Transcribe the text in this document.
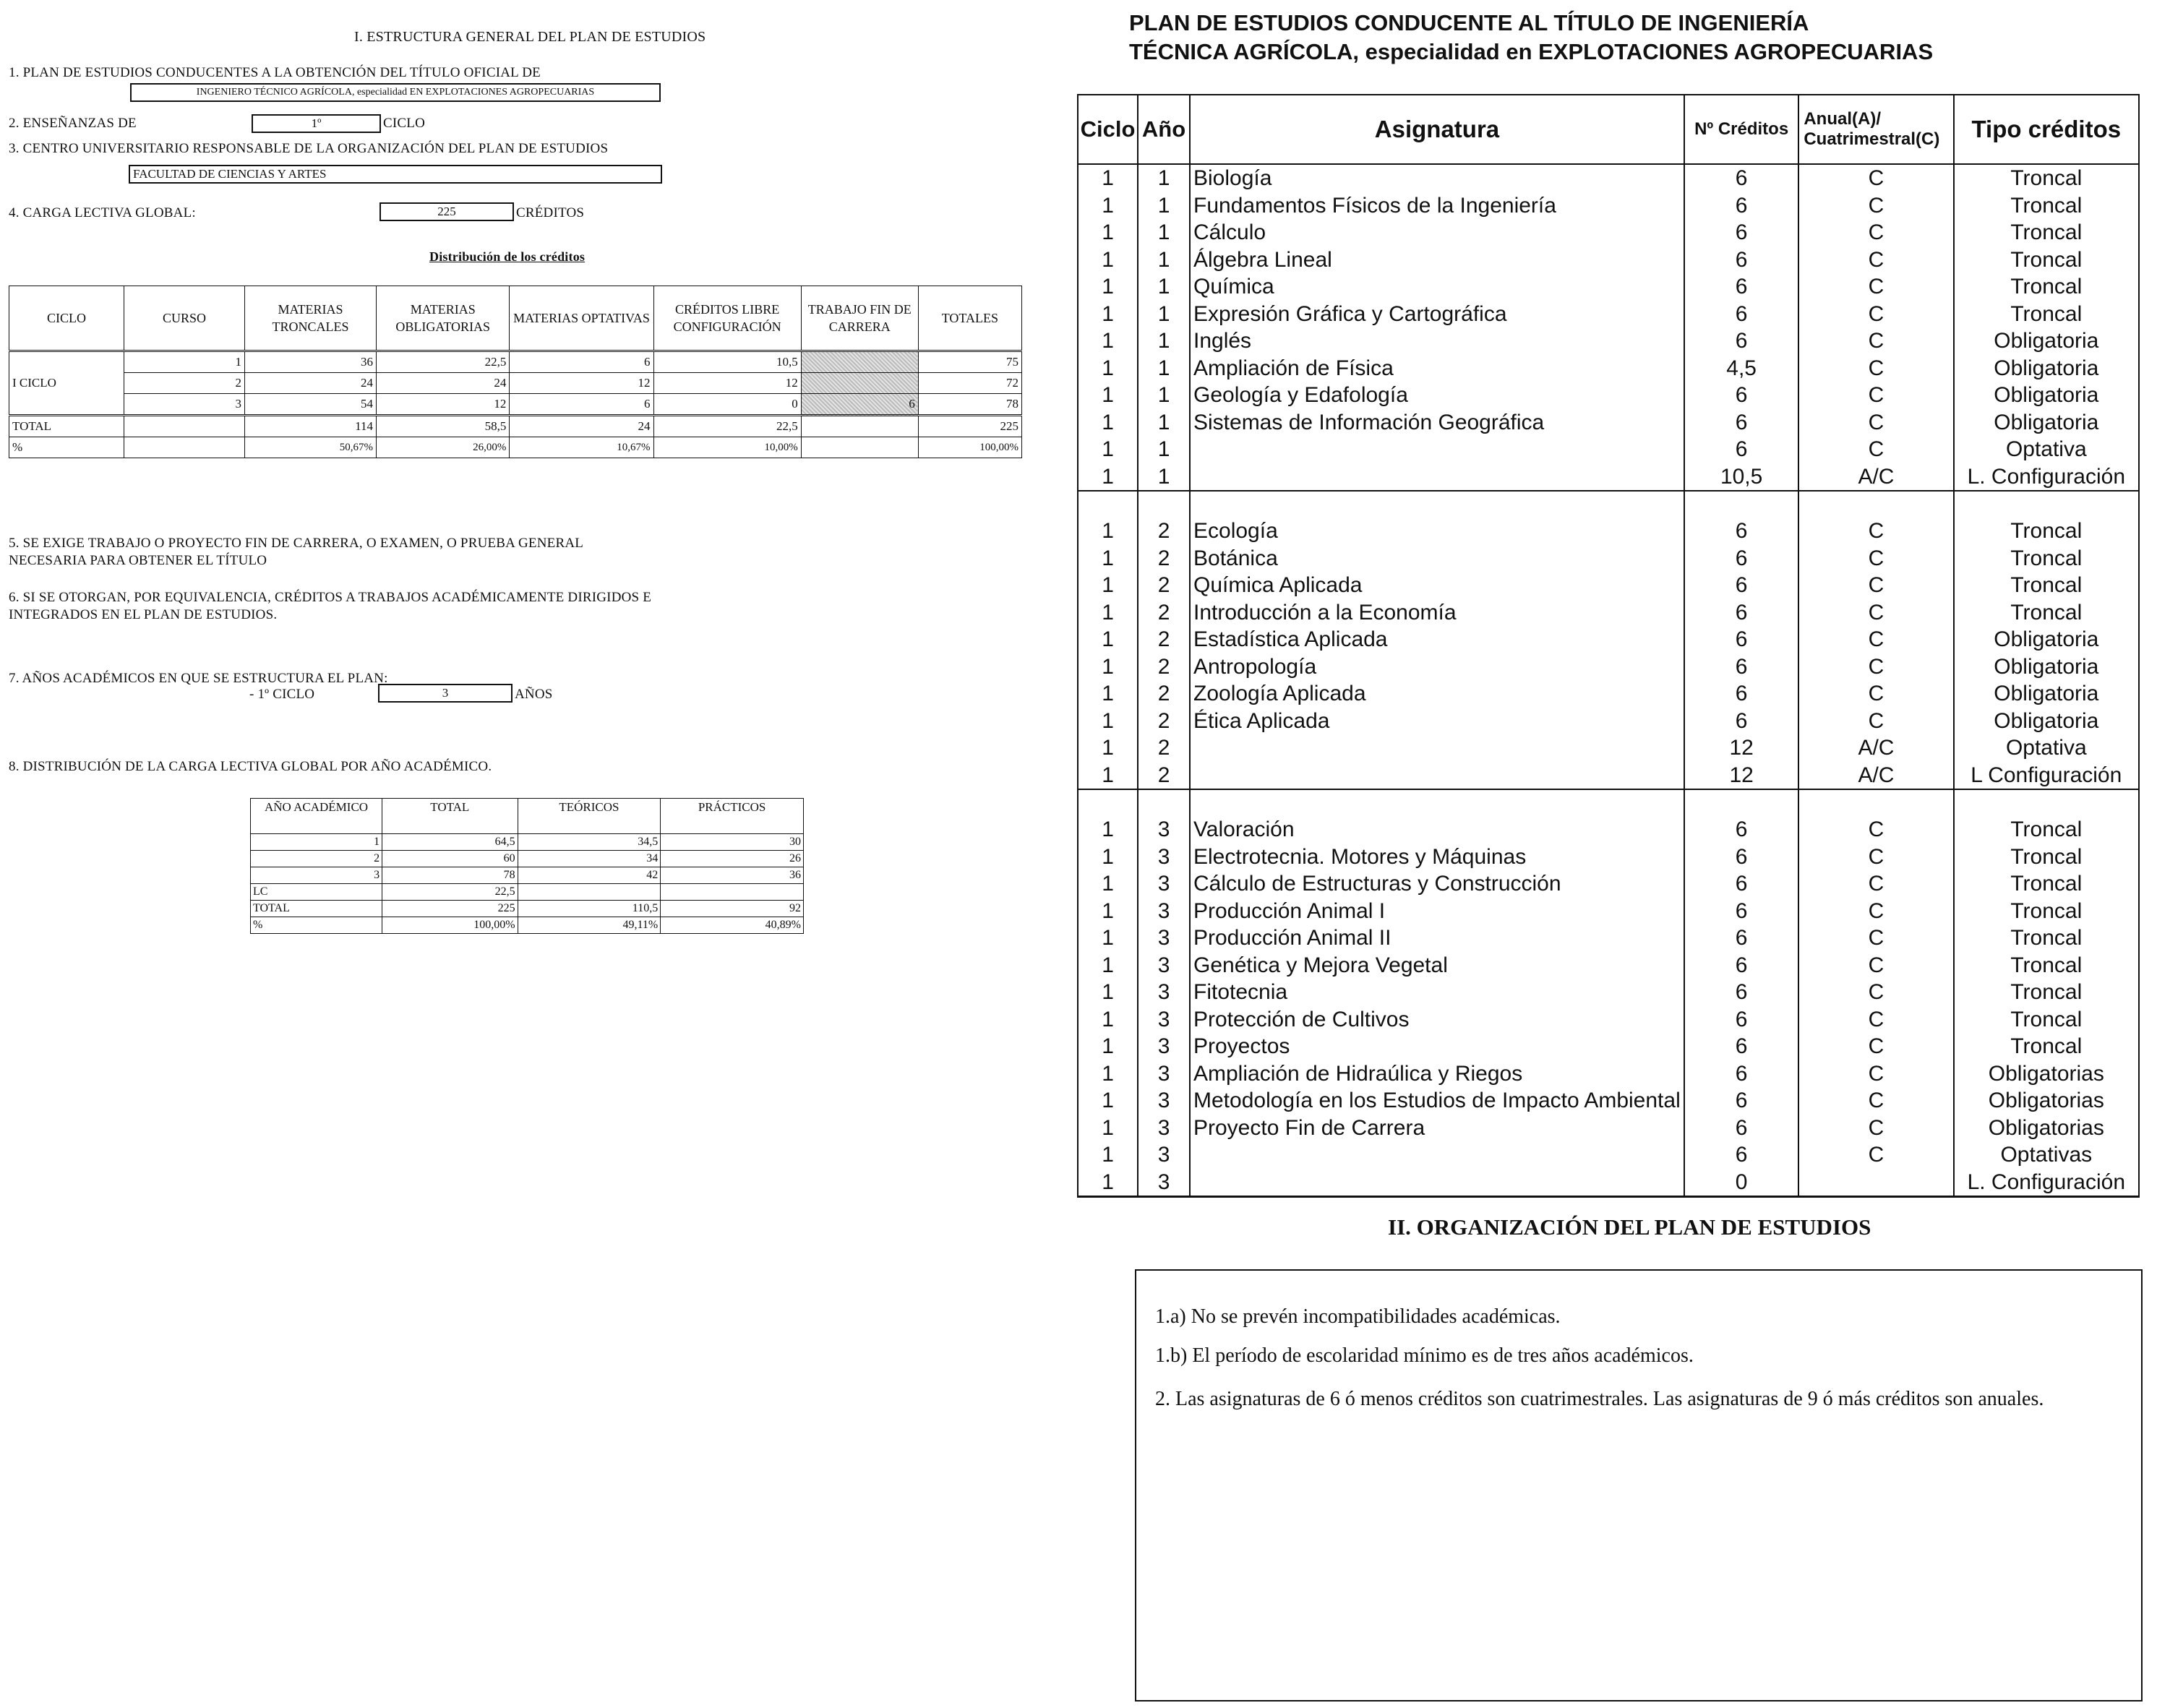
I. ESTRUCTURA GENERAL DEL PLAN DE ESTUDIOS
1. PLAN DE ESTUDIOS CONDUCENTES A LA OBTENCIÓN DEL TÍTULO OFICIAL DE
INGENIERO TÉCNICO AGRÍCOLA, especialidad EN EXPLOTACIONES AGROPECUARIAS
2. ENSEÑANZAS DE	1º	CICLO
3. CENTRO UNIVERSITARIO RESPONSABLE DE LA ORGANIZACIÓN DEL PLAN DE ESTUDIOS
FACULTAD DE CIENCIAS Y ARTES
4. CARGA LECTIVA GLOBAL:	225	CRÉDITOS
Distribución de los créditos
CICLO	CURSO	MATERIAS TRONCALES	MATERIAS OBLIGATORIAS	MATERIAS OPTATIVAS	CRÉDITOS LIBRE CONFIGURACIÓN	TRABAJO FIN DE CARRERA	TOTALES
	1	36	22,5	6	10,5		75
I CICLO	2	24	24	12	12		72
	3	54	12	6	0	6	78
TOTAL		114	58,5	24	22,5		225
%		50,67%	26,00%	10,67%	10,00%		100,00%
5. SE EXIGE TRABAJO O PROYECTO FIN DE CARRERA, O EXAMEN, O PRUEBA GENERAL NECESARIA PARA OBTENER EL TÍTULO
6. SI SE OTORGAN, POR EQUIVALENCIA, CRÉDITOS A TRABAJOS ACADÉMICAMENTE DIRIGIDOS E INTEGRADOS EN EL PLAN DE ESTUDIOS.
7. AÑOS ACADÉMICOS EN QUE SE ESTRUCTURA EL PLAN:
- 1º CICLO	3	AÑOS
8. DISTRIBUCIÓN DE LA CARGA LECTIVA GLOBAL POR AÑO ACADÉMICO.
AÑO ACADÉMICO	TOTAL	TEÓRICOS	PRÁCTICOS
1	64,5	34,5	30
2	60	34	26
3	78	42	36
LC	22,5		
TOTAL	225	110,5	92
%	100,00%	49,11%	40,89%
PLAN DE ESTUDIOS CONDUCENTE AL TÍTULO DE INGENIERÍA
TÉCNICA AGRÍCOLA, especialidad en EXPLOTACIONES AGROPECUARIAS
Ciclo	Año	Asignatura	Nº Créditos	Anual(A)/
Cuatrimestral(C)	Tipo créditos
1	1	Biología	6	C	Troncal
1	1	Fundamentos Físicos de la Ingeniería	6	C	Troncal
1	1	Cálculo	6	C	Troncal
1	1	Álgebra Lineal	6	C	Troncal
1	1	Química	6	C	Troncal
1	1	Expresión Gráfica y Cartográfica	6	C	Troncal
1	1	Inglés	6	C	Obligatoria
1	1	Ampliación de Física	4,5	C	Obligatoria
1	1	Geología y Edafología	6	C	Obligatoria
1	1	Sistemas de Información Geográfica	6	C	Obligatoria
1	1		6	C	Optativa
1	1		10,5	A/C	L. Configuración

1	2	Ecología	6	C	Troncal
1	2	Botánica	6	C	Troncal
1	2	Química Aplicada	6	C	Troncal
1	2	Introducción a la Economía	6	C	Troncal
1	2	Estadística Aplicada	6	C	Obligatoria
1	2	Antropología	6	C	Obligatoria
1	2	Zoología Aplicada	6	C	Obligatoria
1	2	Ética Aplicada	6	C	Obligatoria
1	2		12	A/C	Optativa
1	2		12	A/C	L Configuración

1	3	Valoración	6	C	Troncal
1	3	Electrotecnia. Motores y Máquinas	6	C	Troncal
1	3	Cálculo de Estructuras y Construcción	6	C	Troncal
1	3	Producción Animal I	6	C	Troncal
1	3	Producción Animal II	6	C	Troncal
1	3	Genética y Mejora Vegetal	6	C	Troncal
1	3	Fitotecnia	6	C	Troncal
1	3	Protección de Cultivos	6	C	Troncal
1	3	Proyectos	6	C	Troncal
1	3	Ampliación de Hidraúlica y Riegos	6	C	Obligatorias
1	3	Metodología en los Estudios de Impacto Ambiental	6	C	Obligatorias
1	3	Proyecto Fin de Carrera	6	C	Obligatorias
1	3		6	C	Optativas
1	3		0		L. Configuración
II. ORGANIZACIÓN DEL PLAN DE ESTUDIOS
1.a) No se prevén incompatibilidades académicas.
1.b) El período de escolaridad mínimo es de tres años académicos.
2. Las asignaturas de 6 ó menos créditos son cuatrimestrales. Las asignaturas de 9 ó más créditos son anuales.
